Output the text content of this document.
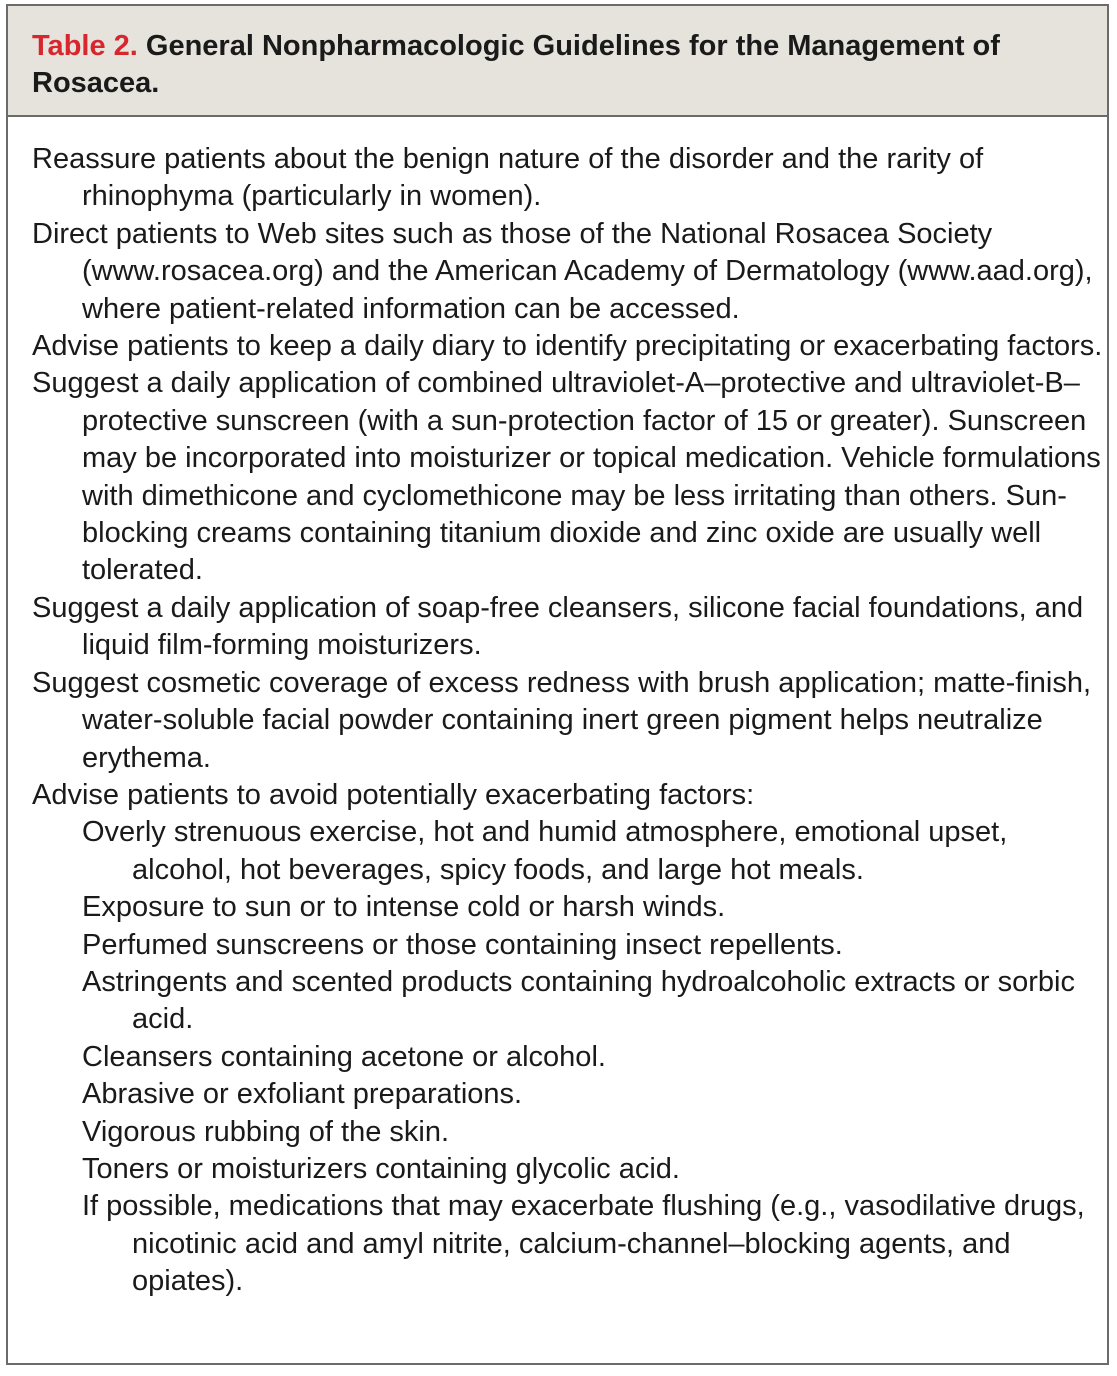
Table 2. General Nonpharmacologic Guidelines for the Management of Rosacea.

Reassure patients about the benign nature of the disorder and the rarity of rhinophyma (particularly in women).

Direct patients to Web sites such as those of the National Rosacea Society (www.rosacea.org) and the American Academy of Dermatology (www.aad.org), where patient-related information can be accessed.

Advise patients to keep a daily diary to identify precipitating or exacerbating factors.

Suggest a daily application of combined ultraviolet-A–protective and ultraviolet-B–protective sunscreen (with a sun-protection factor of 15 or greater). Sunscreen may be incorporated into moisturizer or topical medication. Vehicle formulations with dimethicone and cyclomethicone may be less irritating than others. Sun-blocking creams containing titanium dioxide and zinc oxide are usually well tolerated.

Suggest a daily application of soap-free cleansers, silicone facial foundations, and liquid film-forming moisturizers.

Suggest cosmetic coverage of excess redness with brush application; matte-finish, water-soluble facial powder containing inert green pigment helps neutralize erythema.

Advise patients to avoid potentially exacerbating factors:

Overly strenuous exercise, hot and humid atmosphere, emotional upset, alcohol, hot beverages, spicy foods, and large hot meals.

Exposure to sun or to intense cold or harsh winds.

Perfumed sunscreens or those containing insect repellents.

Astringents and scented products containing hydroalcoholic extracts or sorbic acid.

Cleansers containing acetone or alcohol.

Abrasive or exfoliant preparations.

Vigorous rubbing of the skin.

Toners or moisturizers containing glycolic acid.

If possible, medications that may exacerbate flushing (e.g., vasodilative drugs, nicotinic acid and amyl nitrite, calcium-channel–blocking agents, and opiates).
